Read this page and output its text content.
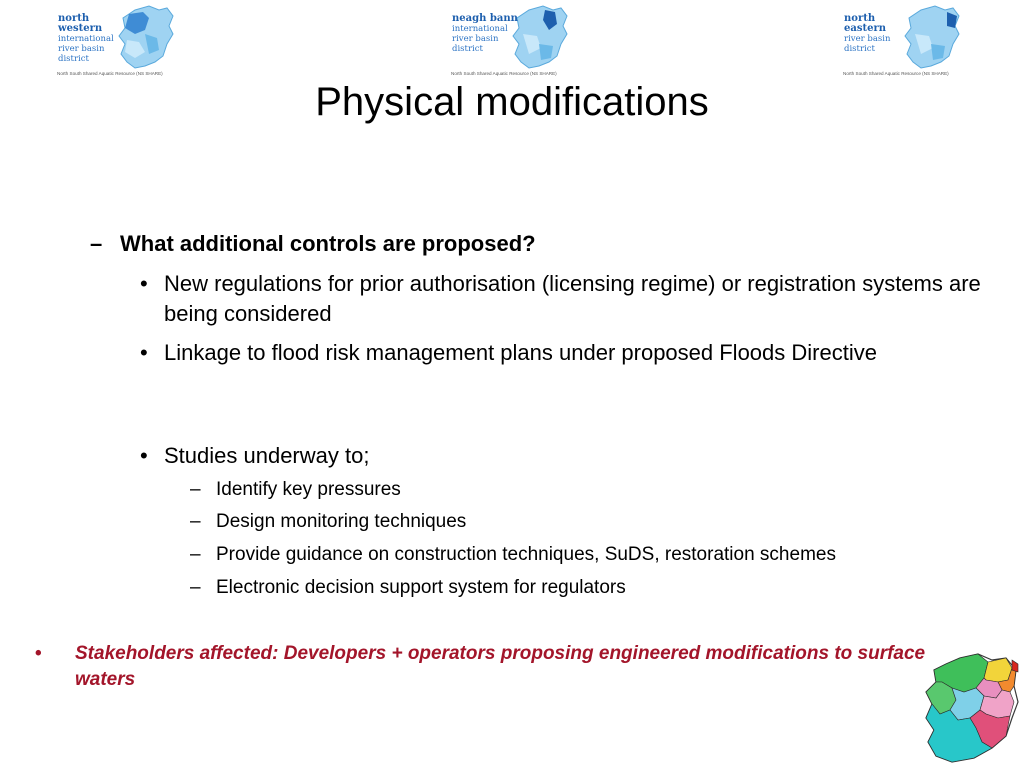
north western
international
river basin district
North South Shared Aquatic Resource (NS SHARE)
neagh bann
international
river basin district
North South Shared Aquatic Resource (NS SHARE)
north eastern
river basin district
North South Shared Aquatic Resource (NS SHARE)
Physical modifications
– What additional controls are proposed?
• New regulations for prior authorisation (licensing regime) or registration systems are being considered
• Linkage to flood risk management plans under proposed Floods Directive
• Studies underway to;
– Identify key pressures
– Design monitoring techniques
– Provide guidance on construction techniques, SuDS, restoration schemes
– Electronic decision support system for regulators
• Stakeholders affected: Developers + operators proposing engineered modifications to surface waters
